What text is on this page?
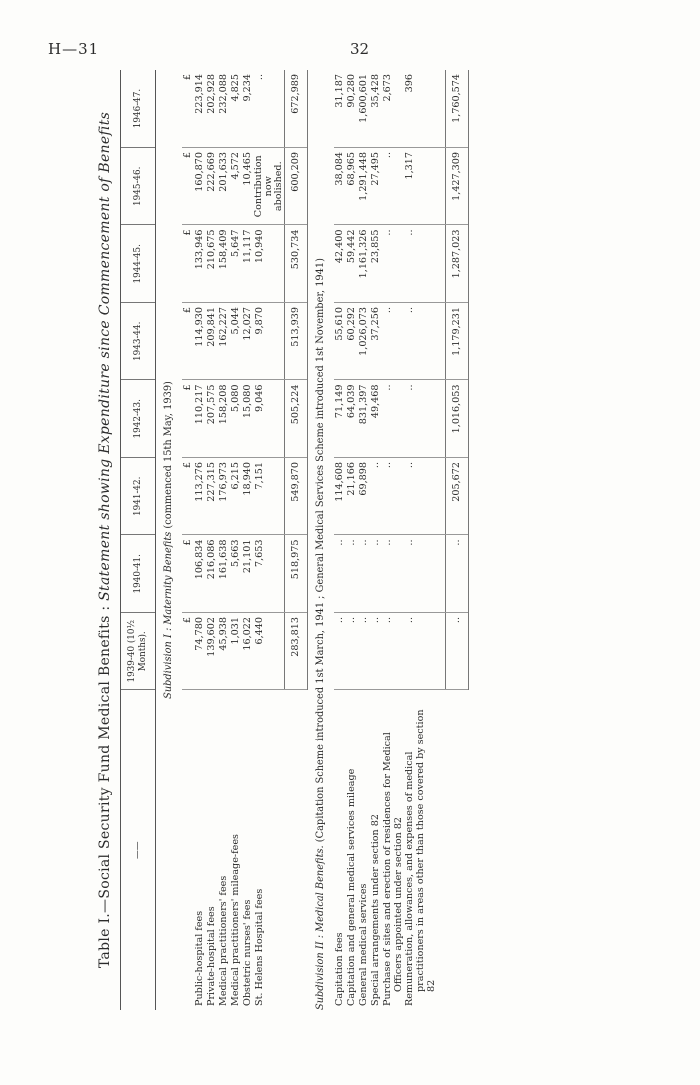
H—31	32
Table I.—Social Security Fund Medical Benefits : Statement showing Expenditure since Commencement of Benefits
——	1939-40 (10½ Months).	1940-41.	1941-42.	1942-43.	1943-44.	1944-45.	1945-46.	1946-47.
Subdivision I : Maternity Benefits (commenced 15th May, 1939)								
	£	£	£	£	£	£	£	£
Public-hospital fees	74,780	106,834	113,276	110,217	114,930	133,946	160,870	223,914
Private-hospital fees	139,602	216,086	227,315	207,575	209,841	210,675	222,669	202,928
Medical practitioners' fees	45,938	161,638	176,973	158,208	162,227	158,409	201,633	232,088
Medical practitioners' mileage-fees	1,031	5,663	6,215	5,080	5,044	5,647	4,572	4,825
Obstetric nurses' fees	16,022	21,101	18,940	15,080	12,027	11,117	10,465	9,234
St. Helens Hospital fees	6,440	7,653	7,151	9,046	9,870	10,940	Contribution now abolished.	..
	283,813	518,975	549,870	505,224	513,939	530,734	600,209	672,989
Subdivision II : Medical Benefits. (Capitation Scheme introduced 1st March, 1941 ; General Medical Services Scheme introduced 1st November, 1941)								
Capitation fees	..	..	114,608	71,149	55,610	42,400	38,084	31,187
Capitation and general medical services mileage	..	..	21,166	64,039	60,292	59,442	68,965	90,280
General medical services	..	..	69,898	831,397	1,026,073	1,161,326	1,291,448	1,600,601
Special arrangements under section 82	..	..	..	49,468	37,256	23,855	27,495	35,428
Purchase of sites and erection of residences for Medical Officers appointed under section 82	..	..	..	..	..	..	..	2,673
Remuneration, allowances, and expenses of medical practitioners in areas other than those covered by section 82	..	..	..	..	..	..	1,317	396

	..	..	205,672	1,016,053	1,179,231	1,287,023	1,427,309	1,760,574
